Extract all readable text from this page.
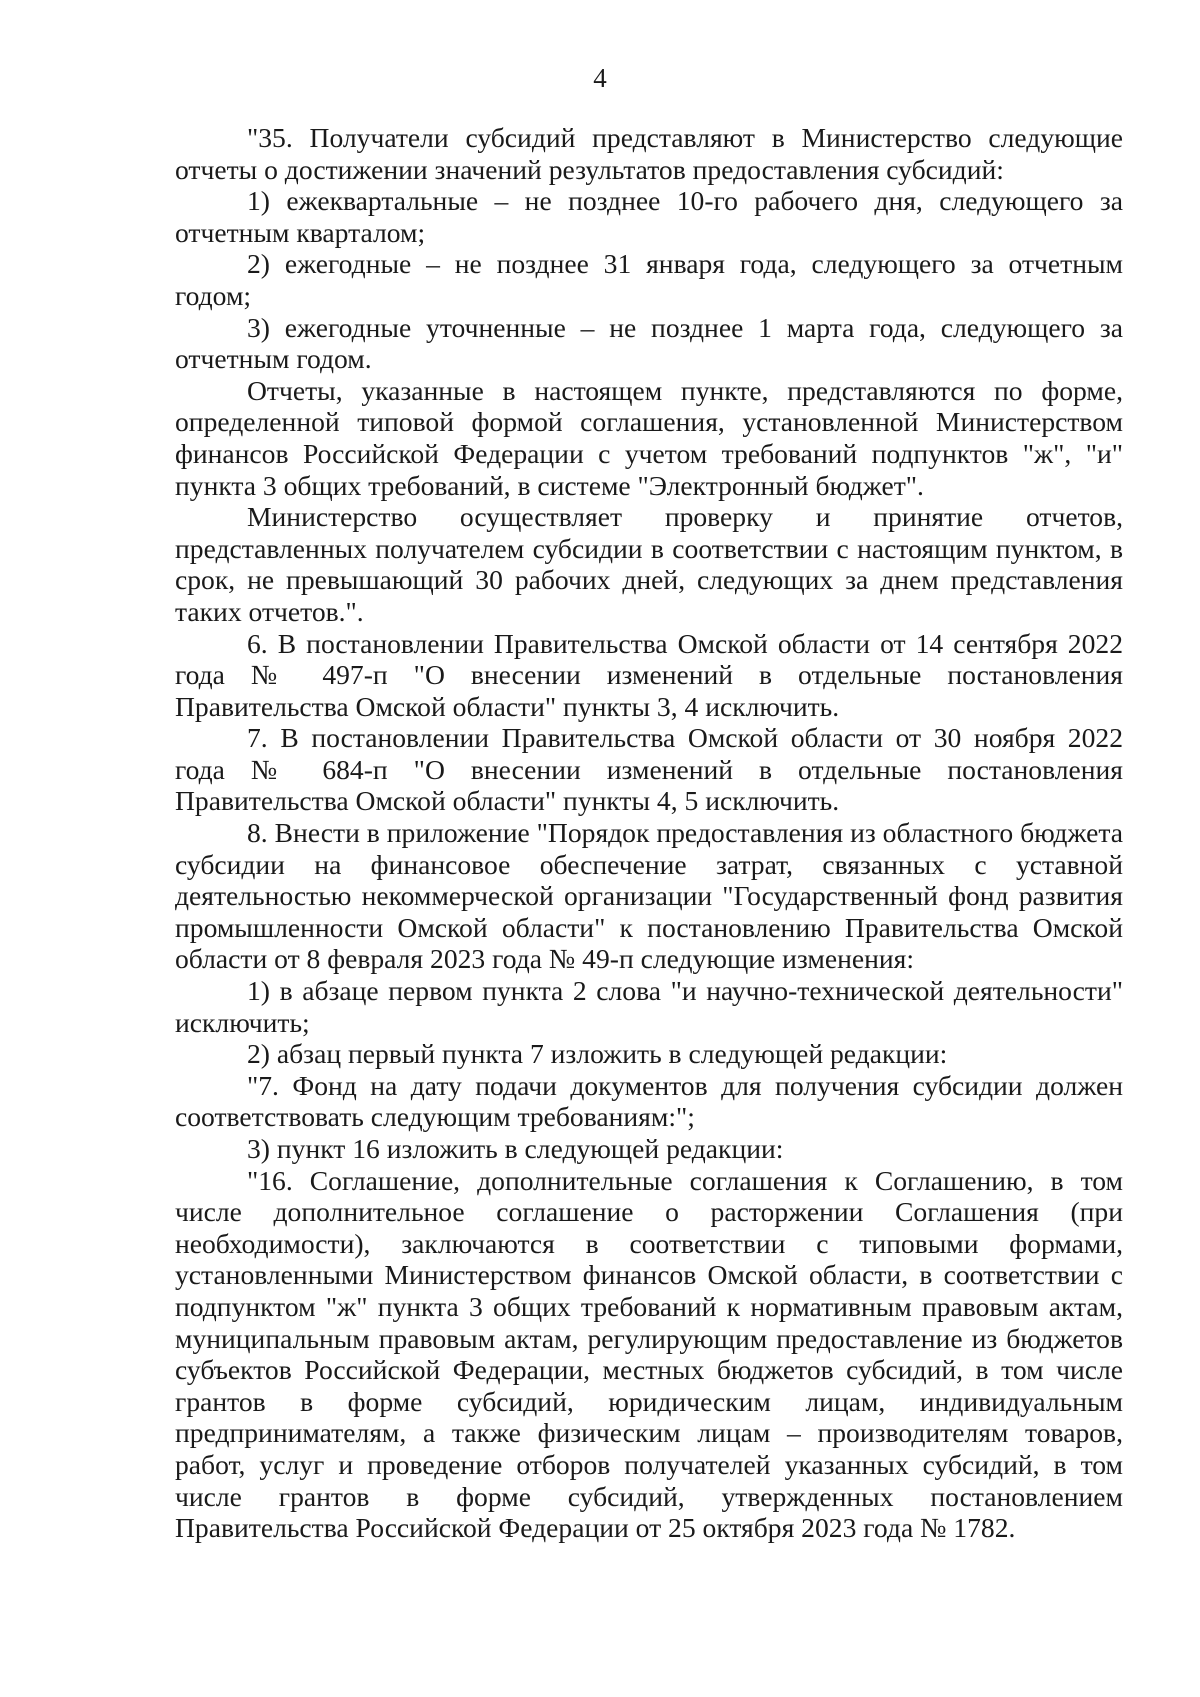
4

"35. Получатели субсидий представляют в Министерство следующие отчеты о достижении значений результатов предоставления субсидий:

1) ежеквартальные – не позднее 10-го рабочего дня, следующего за отчетным кварталом;

2) ежегодные – не позднее 31 января года, следующего за отчетным годом;

3) ежегодные уточненные – не позднее 1 марта года, следующего за отчетным годом.

Отчеты, указанные в настоящем пункте, представляются по форме, определенной типовой формой соглашения, установленной Министерством финансов Российской Федерации с учетом требований подпунктов "ж", "и" пункта 3 общих требований, в системе "Электронный бюджет".

Министерство осуществляет проверку и принятие отчетов, представленных получателем субсидии в соответствии с настоящим пунктом, в срок, не превышающий 30 рабочих дней, следующих за днем представления таких отчетов.".

6. В постановлении Правительства Омской области от 14 сентября 2022 года № 497-п "О внесении изменений в отдельные постановления Правительства Омской области" пункты 3, 4 исключить.

7. В постановлении Правительства Омской области от 30 ноября 2022 года № 684-п "О внесении изменений в отдельные постановления Правительства Омской области" пункты 4, 5 исключить.

8. Внести в приложение "Порядок предоставления из областного бюджета субсидии на финансовое обеспечение затрат, связанных с уставной деятельностью некоммерческой организации "Государственный фонд развития промышленности Омской области" к постановлению Правительства Омской области от 8 февраля 2023 года № 49-п следующие изменения:

1) в абзаце первом пункта 2 слова "и научно-технической деятельности" исключить;

2) абзац первый пункта 7 изложить в следующей редакции:

"7. Фонд на дату подачи документов для получения субсидии должен соответствовать следующим требованиям:";

3) пункт 16 изложить в следующей редакции:

"16. Соглашение, дополнительные соглашения к Соглашению, в том числе дополнительное соглашение о расторжении Соглашения (при необходимости), заключаются в соответствии с типовыми формами, установленными Министерством финансов Омской области, в соответствии с подпунктом "ж" пункта 3 общих требований к нормативным правовым актам, муниципальным правовым актам, регулирующим предоставление из бюджетов субъектов Российской Федерации, местных бюджетов субсидий, в том числе грантов в форме субсидий, юридическим лицам, индивидуальным предпринимателям, а также физическим лицам – производителям товаров, работ, услуг и проведение отборов получателей указанных субсидий, в том числе грантов в форме субсидий, утвержденных постановлением Правительства Российской Федерации от 25 октября 2023 года № 1782.
